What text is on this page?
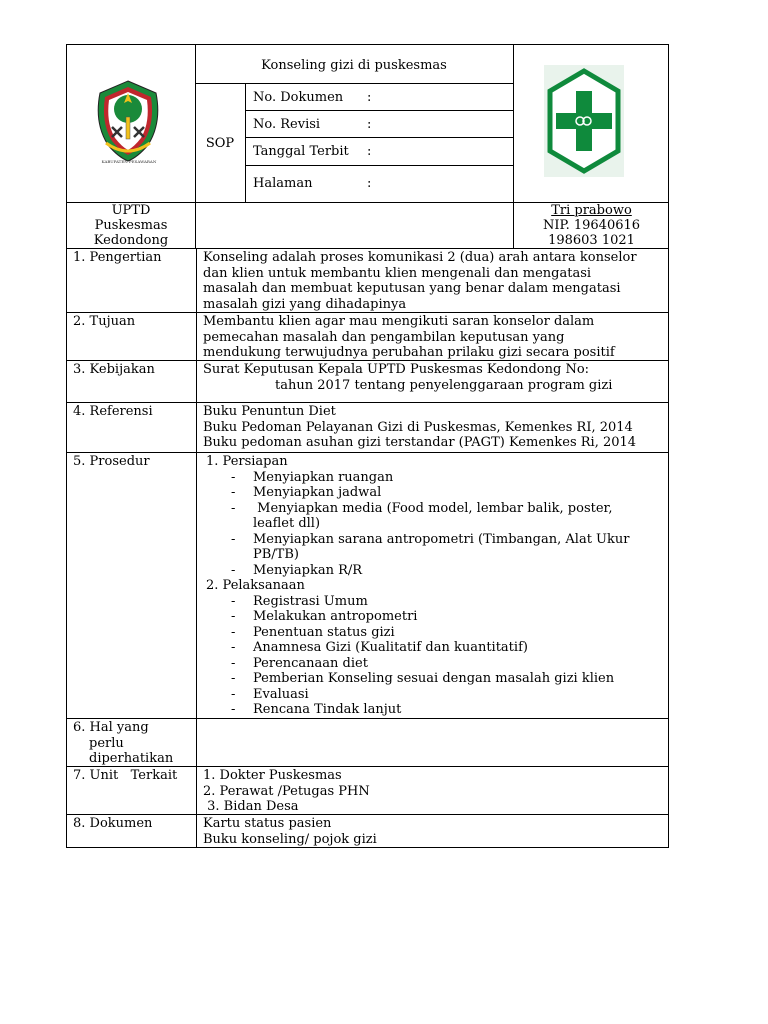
KABUPATEN PESAWARAN
Konseling gizi di puskesmas
SOP
No. Dokumen :
No. Revisi	:
Tanggal Terbit :
Halaman	:
UPTD
Puskesmas
Kedondong
Tri prabowo
NIP. 19640616
198603 1021
1. Pengertian	Konseling adalah proses komunikasi 2 (dua) arah antara konselor
dan klien untuk membantu klien mengenali dan mengatasi
masalah dan membuat keputusan yang benar dalam mengatasi
masalah gizi yang dihadapinya
2. Tujuan	Membantu klien agar mau mengikuti saran konselor dalam
pemecahan masalah dan pengambilan keputusan yang
mendukung terwujudnya perubahan prilaku gizi secara positif
3. Kebijakan	Surat Keputusan Kepala UPTD Puskesmas Kedondong No:
tahun 2017 tentang penyelenggaraan program gizi
4. Referensi	Buku Penuntun Diet
Buku Pedoman Pelayanan Gizi di Puskesmas, Kemenkes RI, 2014
Buku pedoman asuhan gizi terstandar (PAGT) Kemenkes Ri, 2014
5. Prosedur	1. Persiapan
- Menyiapkan ruangan
- Menyiapkan jadwal
-  Menyiapkan media (Food model, lembar balik, poster,
leaflet dll)
- Menyiapkan sarana antropometri (Timbangan, Alat Ukur
PB/TB)
- Menyiapkan R/R
2. Pelaksanaan
- Registrasi Umum
- Melakukan antropometri
- Penentuan status gizi
- Anamnesa Gizi (Kualitatif dan kuantitatif)
- Perencanaan diet
- Pemberian Konseling sesuai dengan masalah gizi klien
- Evaluasi
- Rencana Tindak lanjut
6. Hal yang
perlu
diperhatikan
7. Unit   Terkait 1. Dokter Puskesmas
2. Perawat /Petugas PHN
3. Bidan Desa
8. Dokumen	Kartu status pasien
Buku konseling/ pojok gizi
